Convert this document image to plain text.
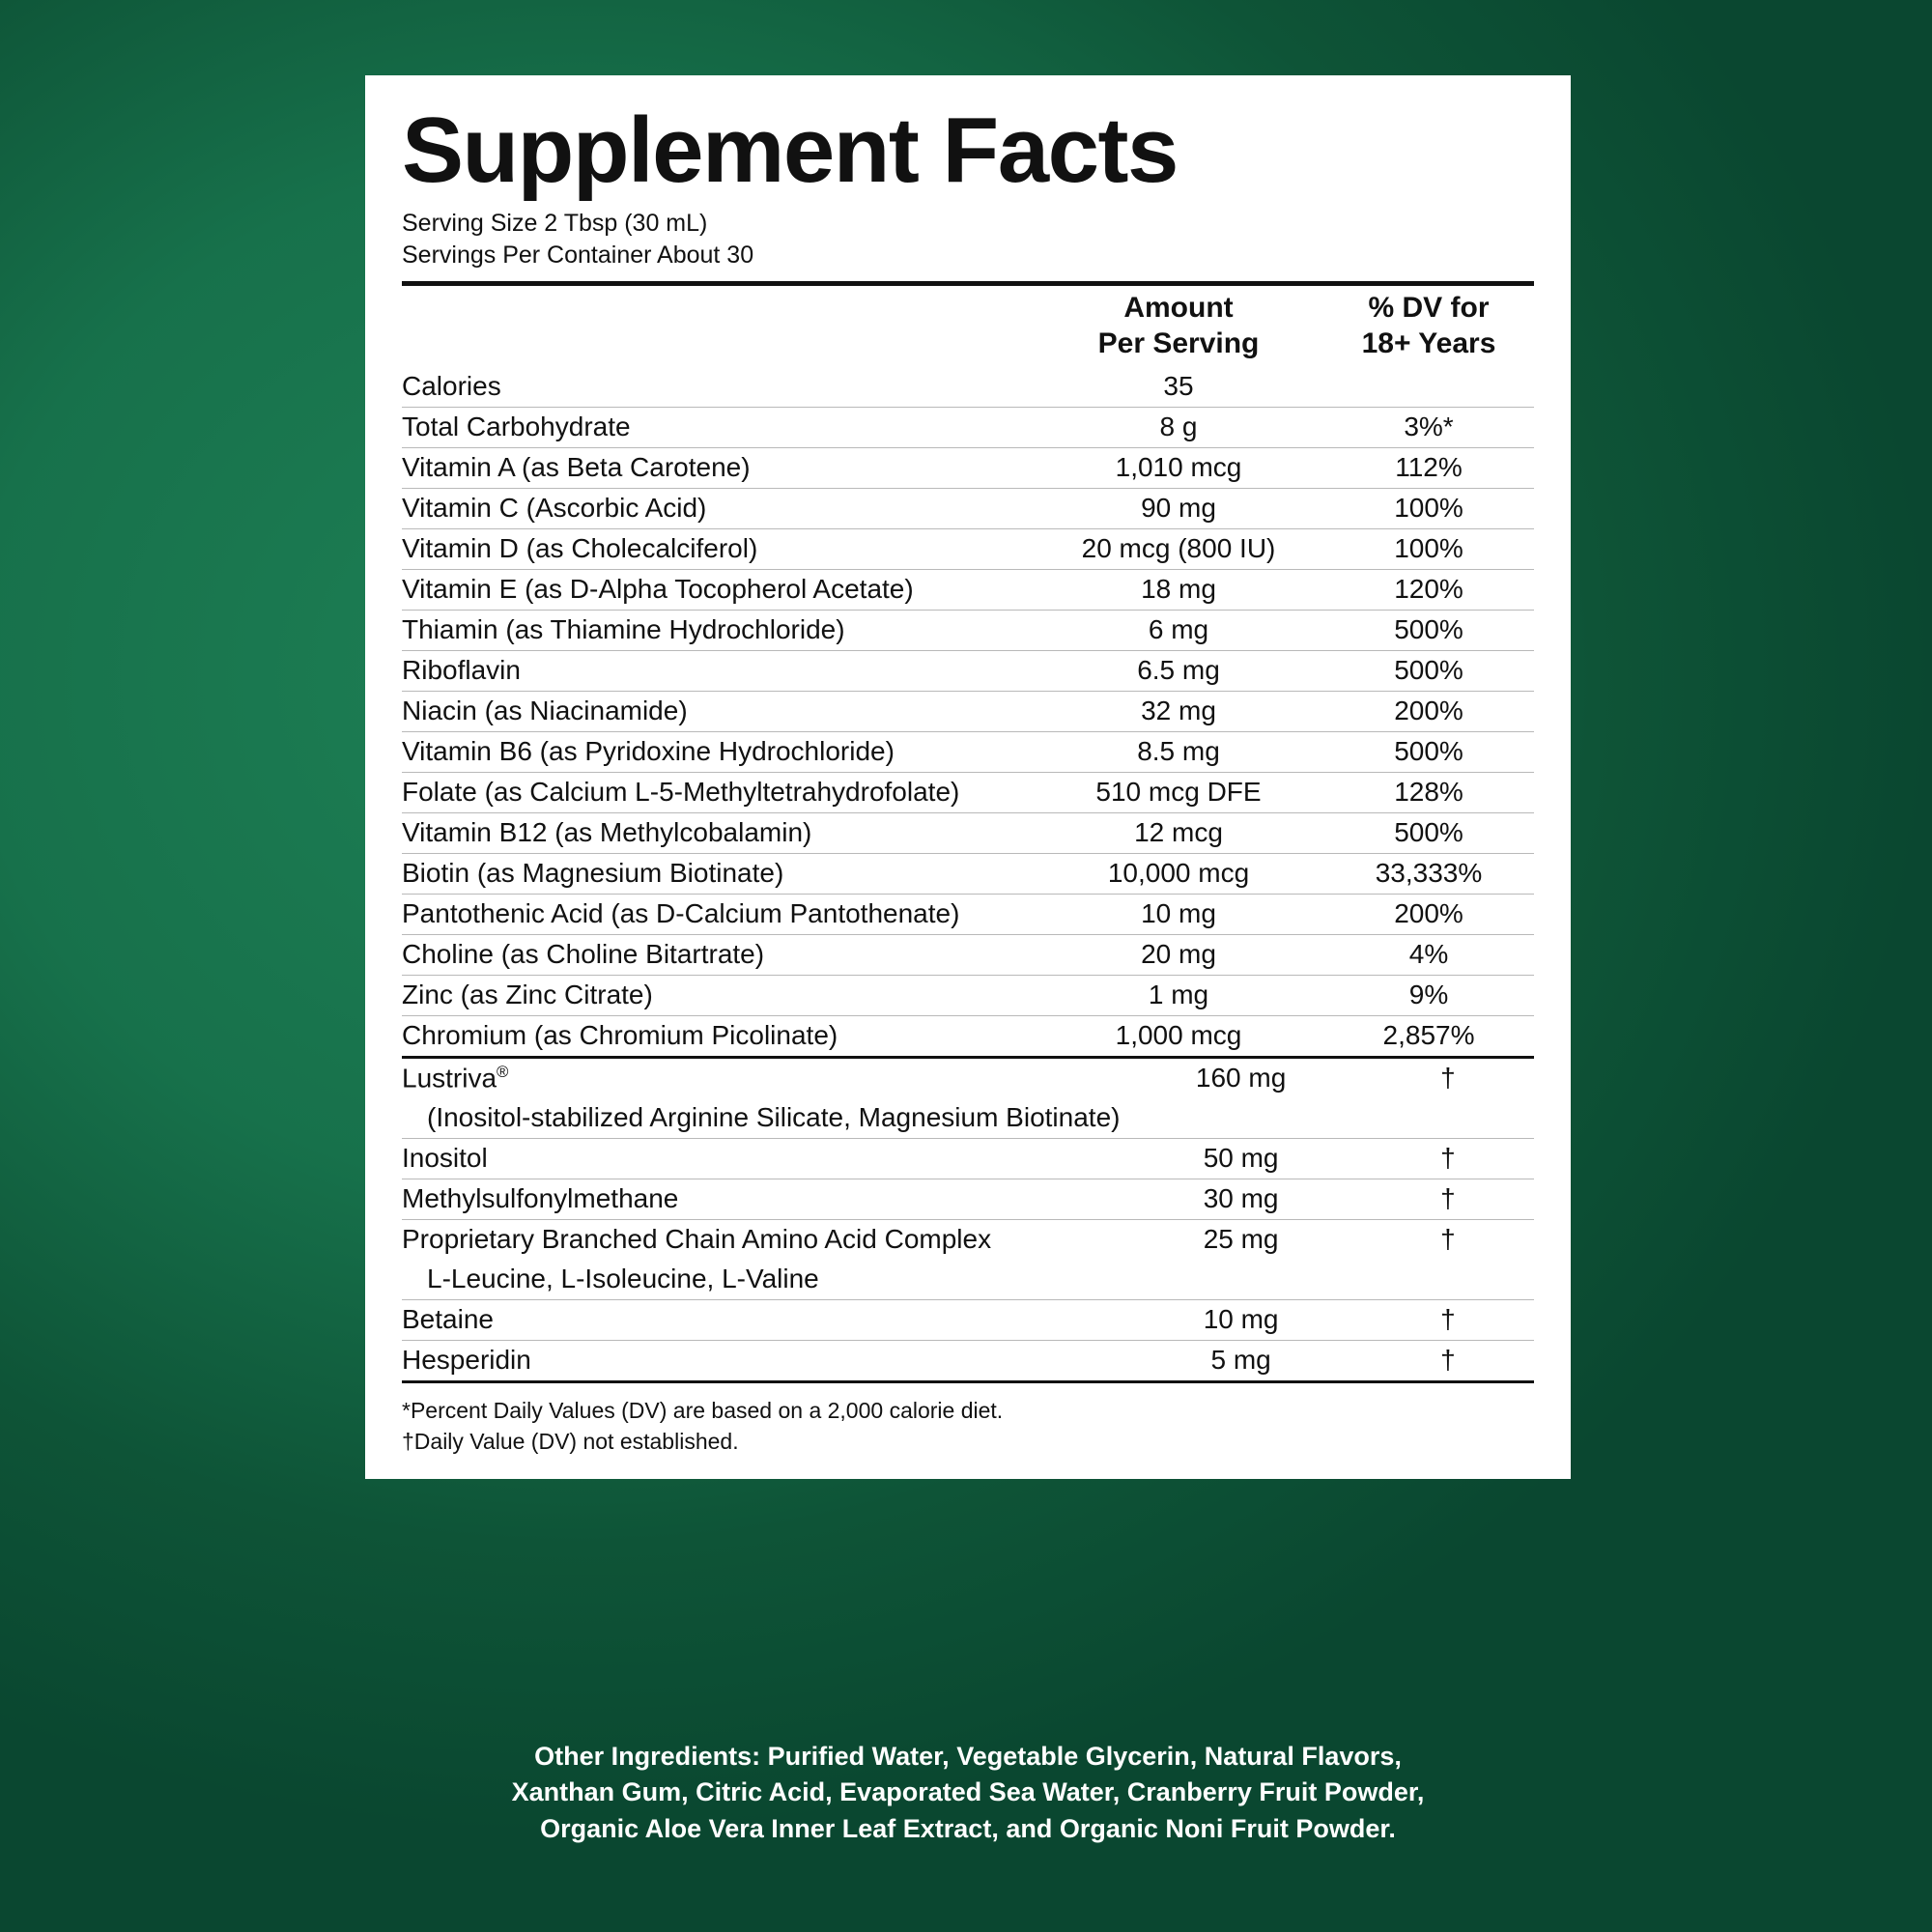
Supplement Facts
Serving Size 2 Tbsp (30 mL)
Servings Per Container About 30

Amount
Per Serving

% DV for
18+ Years

Calories	35	
Total Carbohydrate	8 g	3%*
Vitamin A (as Beta Carotene)	1,010 mcg	112%
Vitamin C (Ascorbic Acid)	90 mg	100%
Vitamin D (as Cholecalciferol)	20 mcg (800 IU)	100%
Vitamin E (as D-Alpha Tocopherol Acetate)	18 mg	120%
Thiamin (as Thiamine Hydrochloride)	6 mg	500%
Riboflavin	6.5 mg	500%
Niacin (as Niacinamide)	32 mg	200%
Vitamin B6 (as Pyridoxine Hydrochloride)	8.5 mg	500%
Folate (as Calcium L-5-Methyltetrahydrofolate)	510 mcg DFE	128%
Vitamin B12 (as Methylcobalamin)	12 mcg	500%
Biotin (as Magnesium Biotinate)	10,000 mcg	33,333%
Pantothenic Acid (as D-Calcium Pantothenate)	10 mg	200%
Choline (as Choline Bitartrate)	20 mg	4%
Zinc (as Zinc Citrate)	1 mg	9%
Chromium (as Chromium Picolinate)	1,000 mcg	2,857%
Lustriva®	160 mg	†
(Inositol-stabilized Arginine Silicate, Magnesium Biotinate)		
Inositol	50 mg	†
Methylsulfonylmethane	30 mg	†
Proprietary Branched Chain Amino Acid Complex	25 mg	†
L-Leucine, L-Isoleucine, L-Valine		
Betaine	10 mg	†
Hesperidin	5 mg	†
*Percent Daily Values (DV) are based on a 2,000 calorie diet.
†Daily Value (DV) not established.
Other Ingredients: Purified Water, Vegetable Glycerin, Natural Flavors,
Xanthan Gum, Citric Acid, Evaporated Sea Water, Cranberry Fruit Powder,
Organic Aloe Vera Inner Leaf Extract, and Organic Noni Fruit Powder.
